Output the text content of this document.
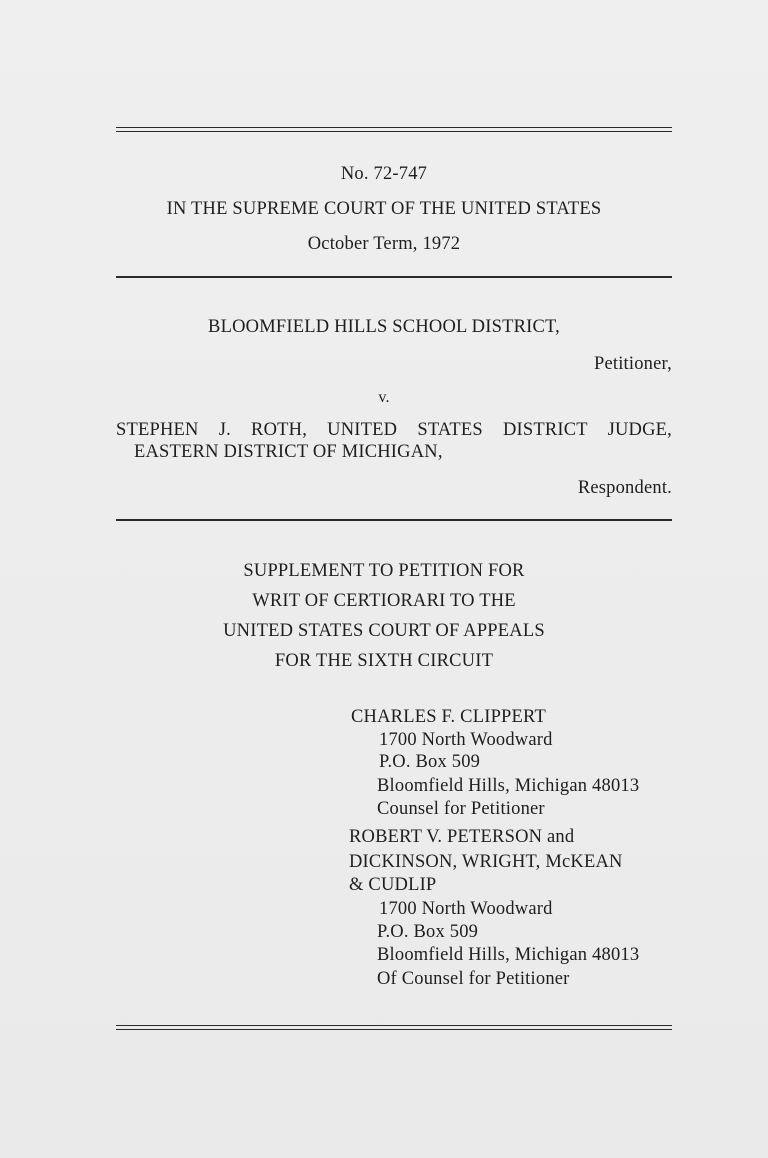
No. 72-747
IN THE SUPREME COURT OF THE UNITED STATES
October Term, 1972
BLOOMFIELD HILLS SCHOOL DISTRICT,
Petitioner,
v.
STEPHEN J. ROTH, UNITED STATES DISTRICT JUDGE,
EASTERN DISTRICT OF MICHIGAN,
Respondent.
SUPPLEMENT TO PETITION FOR
WRIT OF CERTIORARI TO THE
UNITED STATES COURT OF APPEALS
FOR THE SIXTH CIRCUIT
CHARLES F. CLIPPERT
1700 North Woodward
P.O. Box 509
Bloomfield Hills, Michigan 48013
Counsel for Petitioner
ROBERT V. PETERSON and
DICKINSON, WRIGHT, McKEAN
& CUDLIP
1700 North Woodward
P.O. Box 509
Bloomfield Hills, Michigan 48013
Of Counsel for Petitioner
